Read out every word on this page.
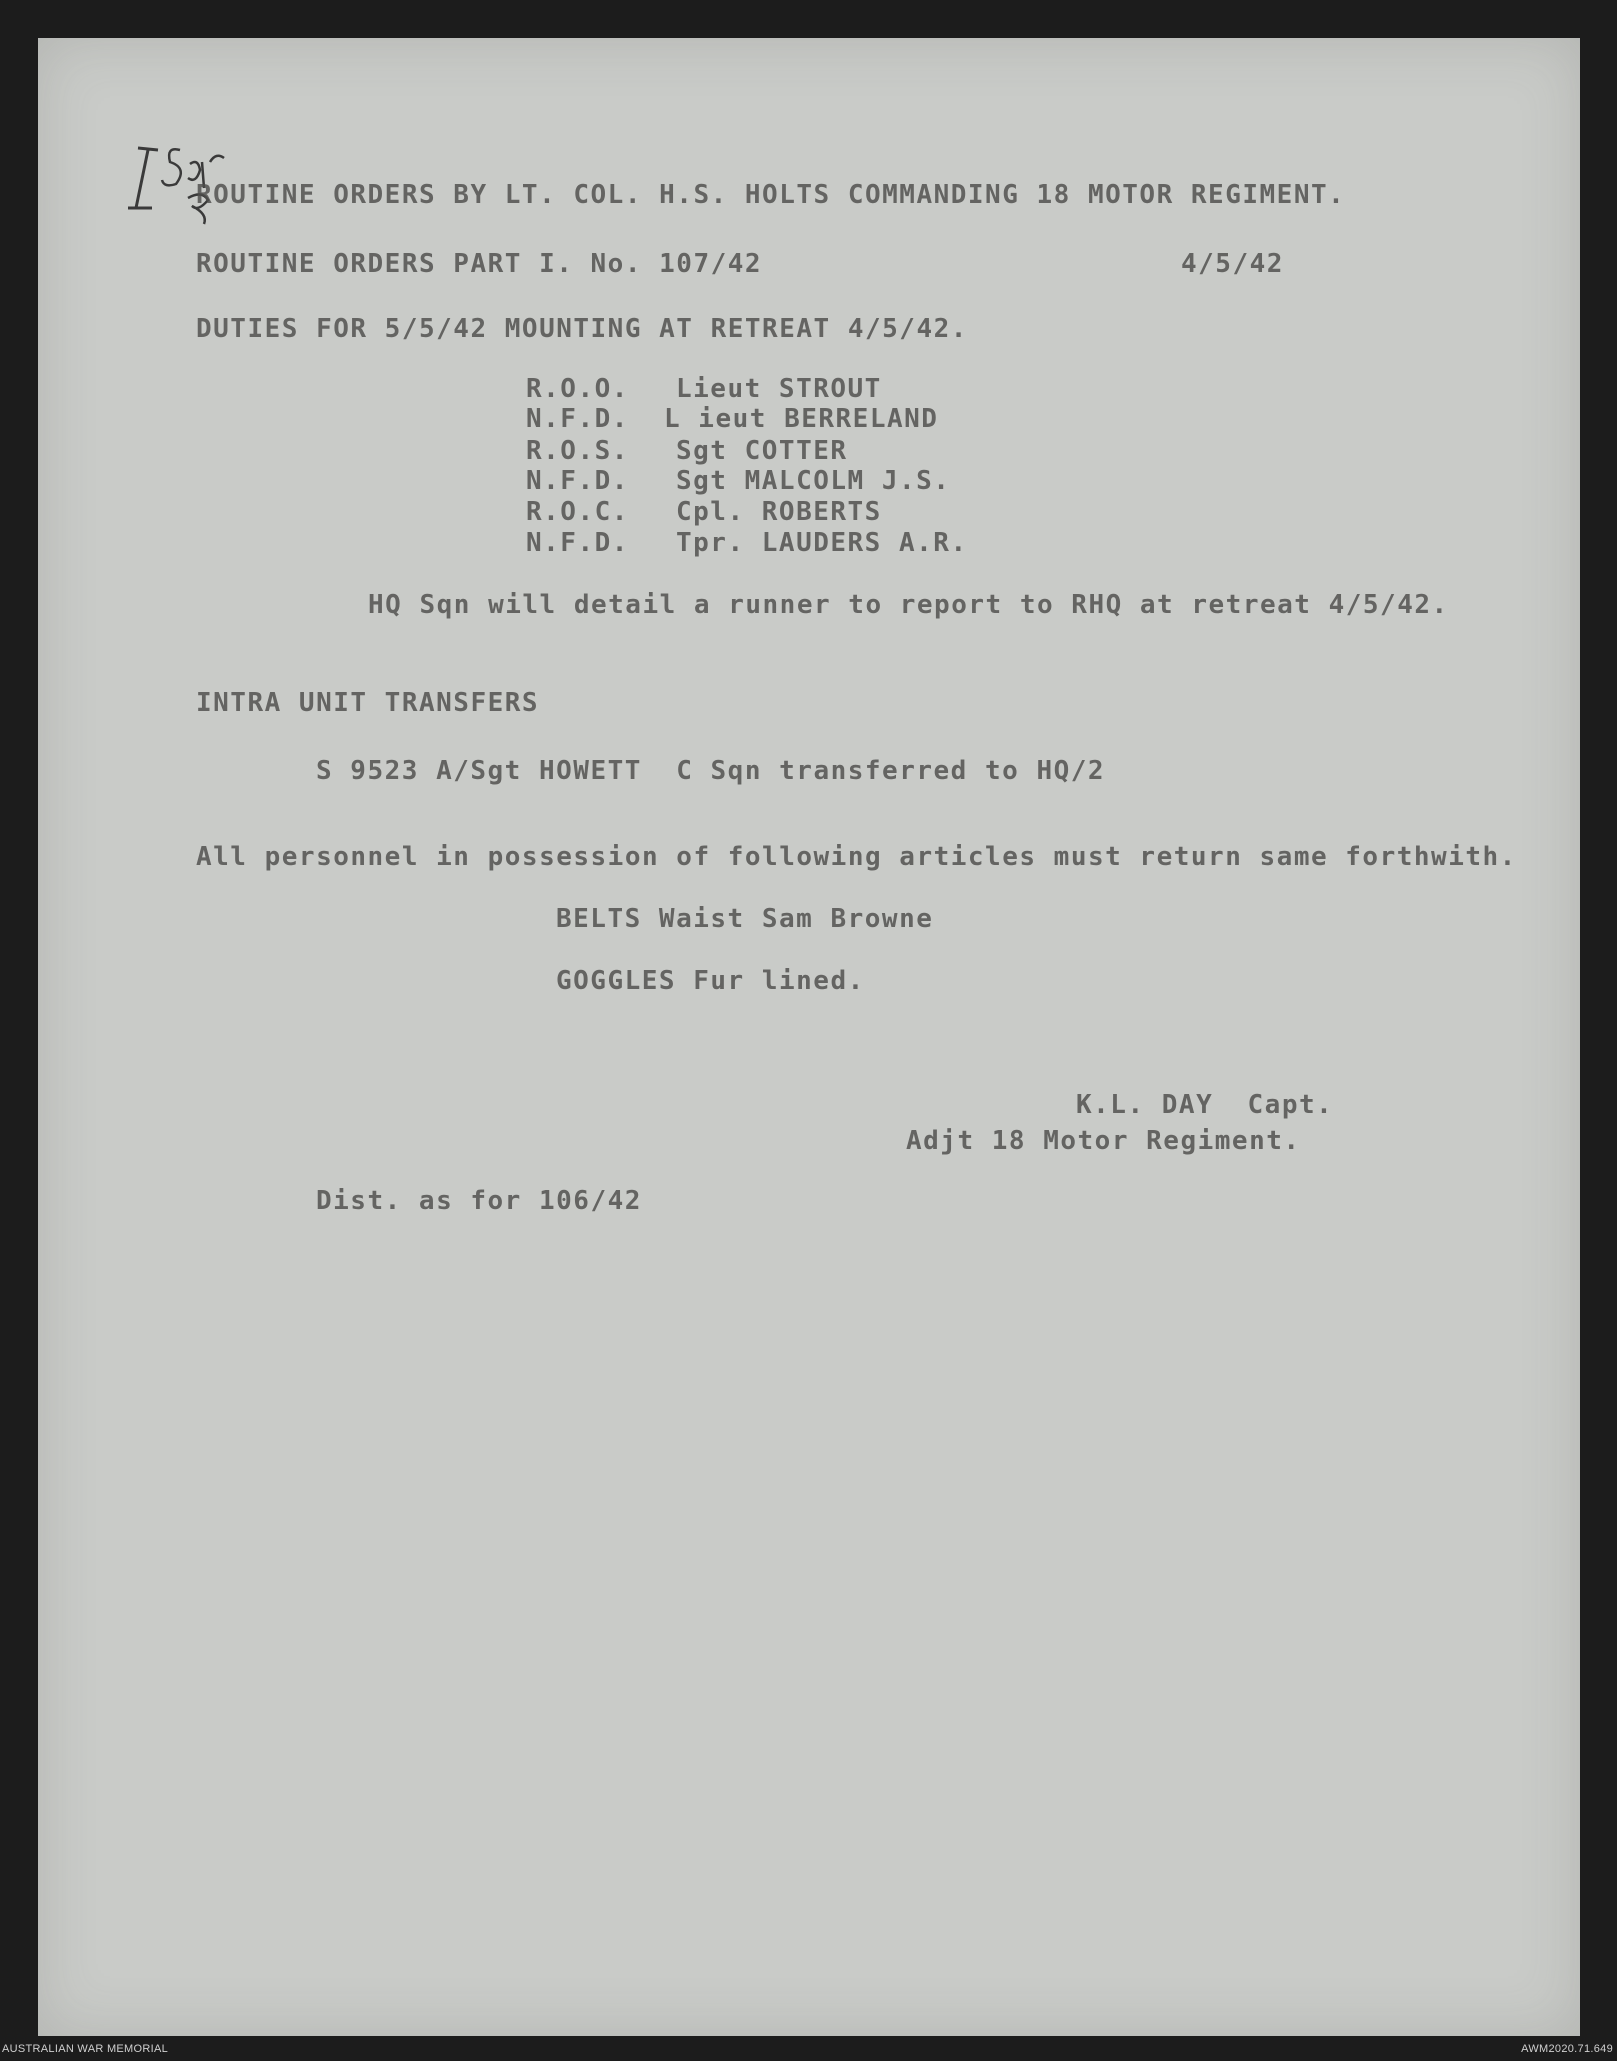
ROUTINE ORDERS BY LT. COL. H.S. HOLTS COMMANDING 18 MOTOR REGIMENT.
ROUTINE ORDERS PART I. No. 107/42	4/5/42
DUTIES FOR 5/5/42 MOUNTING AT RETREAT 4/5/42.
R.O.O. Lieut STROUT
N.F.D. L ieut BERRELAND
R.O.S. Sgt COTTER
N.F.D. Sgt MALCOLM J.S.
R.O.C. Cpl. ROBERTS
N.F.D. Tpr. LAUDERS A.R.
HQ Sqn will detail a runner to report to RHQ at retreat 4/5/42.
INTRA UNIT TRANSFERS
S 9523 A/Sgt HOWETT  C Sqn transferred to HQ/2
All personnel in possession of following articles must return same forthwith.
BELTS Waist Sam Browne
GOGGLES Fur lined.
K.L. DAY  Capt.
Adjt 18 Motor Regiment.
Dist. as for 106/42
AUSTRALIAN WAR MEMORIAL	AWM2020.71.649
